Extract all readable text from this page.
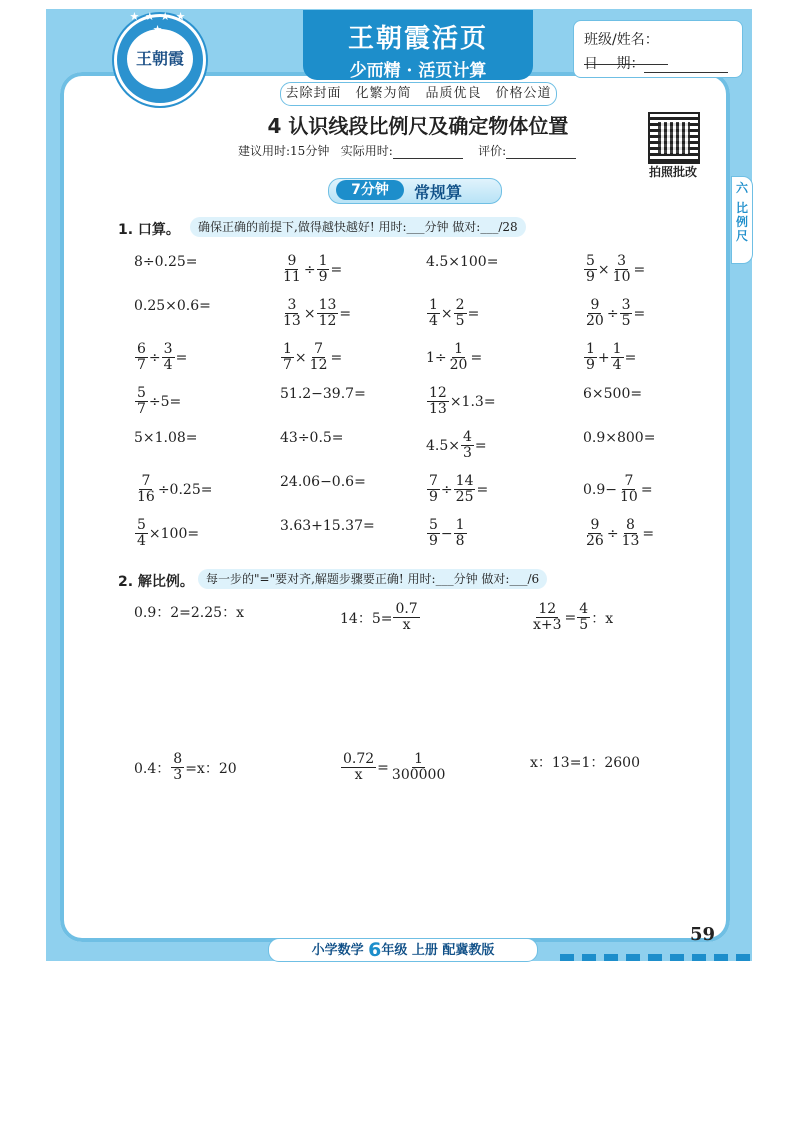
王朝霞
★ ★ ★ ★ ★	王朝霞活页
少而精 · 活页计算
班级/姓名：
日　 期：
去除封面　化繁为简　品质优良　价格公道
4 认识线段比例尺及确定物体位置
建议用时:15分钟 实际用时:	评价:
拍照批改
六
比
例
尺
7分钟	常规算
1. 口算。	确保正确的前提下,做得越快越好! 用时:___分钟 做对:___/28
8÷0.25=	$\frac{9}{11} \div \frac{1}{9}$ =	4.5×100=	$\frac{5}{9} \times \frac{3}{10}$ =
0.25×0.6=	$\frac{3}{13} \times \frac{13}{12}$ =	$\frac{1}{4} \times \frac{2}{5}$ =	$\frac{9}{20} \div \frac{3}{5}$ =
$\frac{6}{7} \div \frac{3}{4}$ =	$\frac{1}{7} \times \frac{7}{12}$ =	$1\div \frac{1}{20}$ =	$\frac{1}{9} + \frac{1}{4}$ =
$\frac{5}{7} \div 5=$	51.2−39.7=	$\frac{12}{13} \times 1.3=$	6×500=
5×1.08=	43÷0.5=	$4.5\times \frac{4}{3}$ =	0.9×800=
$\frac{7}{16} \div 0.25=$	24.06−0.6=	$\frac{7}{9} \div \frac{14}{25}$ =	$0.9- \frac{7}{10}$ =
$\frac{5}{4} \times 100=$	3.63+15.37=	$\frac{5}{9} - \frac{1}{8}$	$\frac{9}{26} \div \frac{8}{13}$ =
2. 解比例。	每一步的"="要对齐,解题步骤要正确! 用时:___分钟 做对:___/6
0.9：2=2.25：x	14：$5= \frac{0.7}{x}$	$\frac{12}{x+3} = \frac{4}{5}$ ：x
0.4： $\frac{8}{3} =x$：20	$\frac{0.72}{x} = \frac{1}{300000}$	x：13=1：2600
小学数学 6年级 上册 配冀教版
59
